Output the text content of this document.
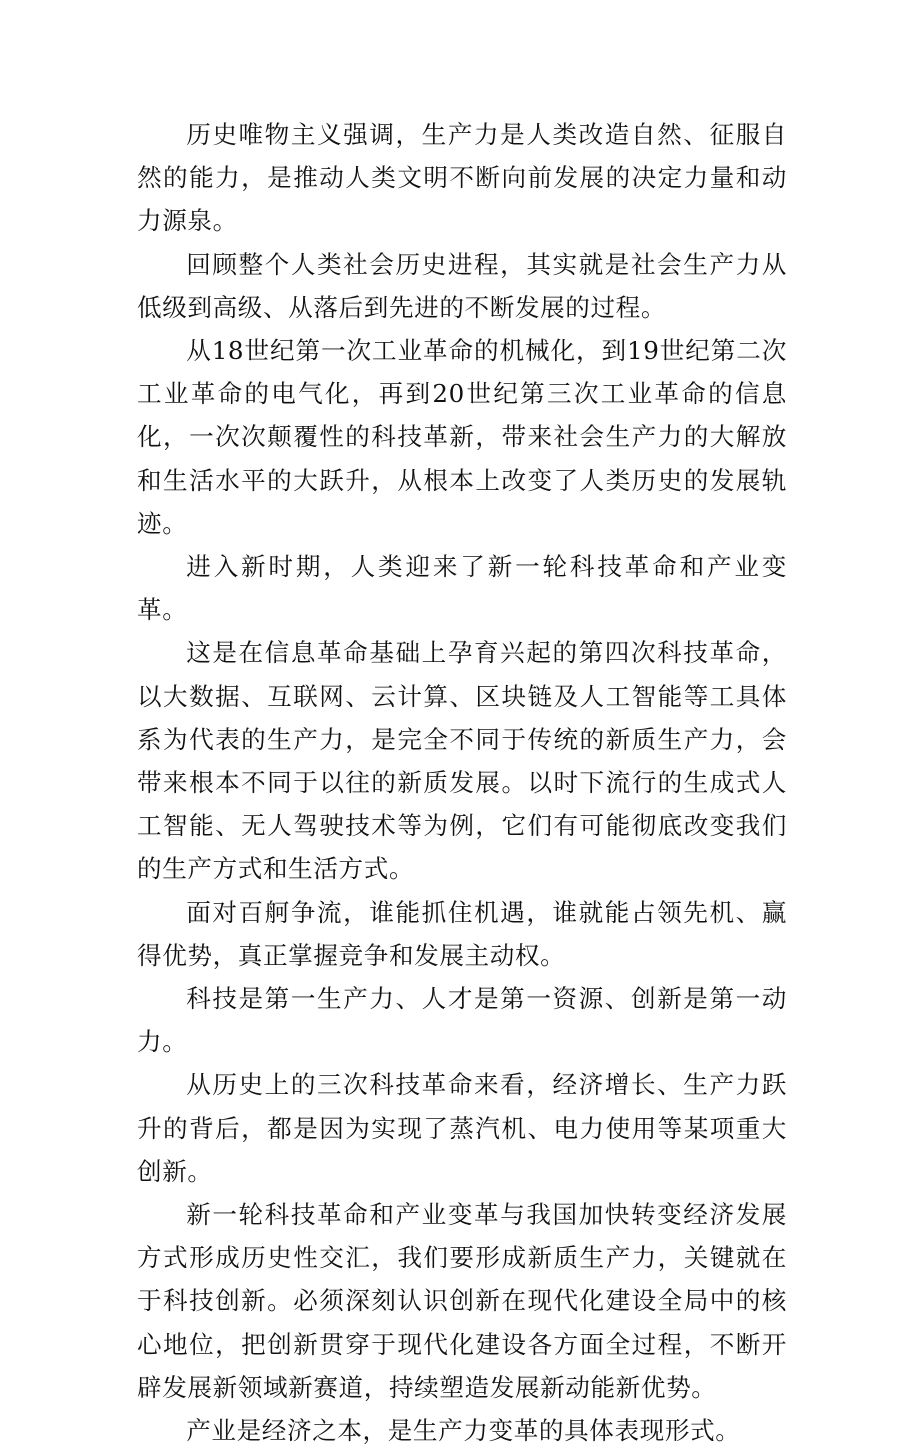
历史唯物主义强调，生产力是人类改造自然、征服自然的能力，是推动人类文明不断向前发展的决定力量和动力源泉。

回顾整个人类社会历史进程，其实就是社会生产力从低级到高级、从落后到先进的不断发展的过程。

从18世纪第一次工业革命的机械化，到19世纪第二次工业革命的电气化，再到20世纪第三次工业革命的信息化，一次次颠覆性的科技革新，带来社会生产力的大解放和生活水平的大跃升，从根本上改变了人类历史的发展轨迹。

进入新时期，人类迎来了新一轮科技革命和产业变革。

这是在信息革命基础上孕育兴起的第四次科技革命，以大数据、互联网、云计算、区块链及人工智能等工具体系为代表的生产力，是完全不同于传统的新质生产力，会带来根本不同于以往的新质发展。以时下流行的生成式人工智能、无人驾驶技术等为例，它们有可能彻底改变我们的生产方式和生活方式。

面对百舸争流，谁能抓住机遇，谁就能占领先机、赢得优势，真正掌握竞争和发展主动权。

科技是第一生产力、人才是第一资源、创新是第一动力。

从历史上的三次科技革命来看，经济增长、生产力跃升的背后，都是因为实现了蒸汽机、电力使用等某项重大创新。

新一轮科技革命和产业变革与我国加快转变经济发展方式形成历史性交汇，我们要形成新质生产力，关键就在于科技创新。必须深刻认识创新在现代化建设全局中的核心地位，把创新贯穿于现代化建设各方面全过程，不断开辟发展新领域新赛道，持续塑造发展新动能新优势。

产业是经济之本，是生产力变革的具体表现形式。
